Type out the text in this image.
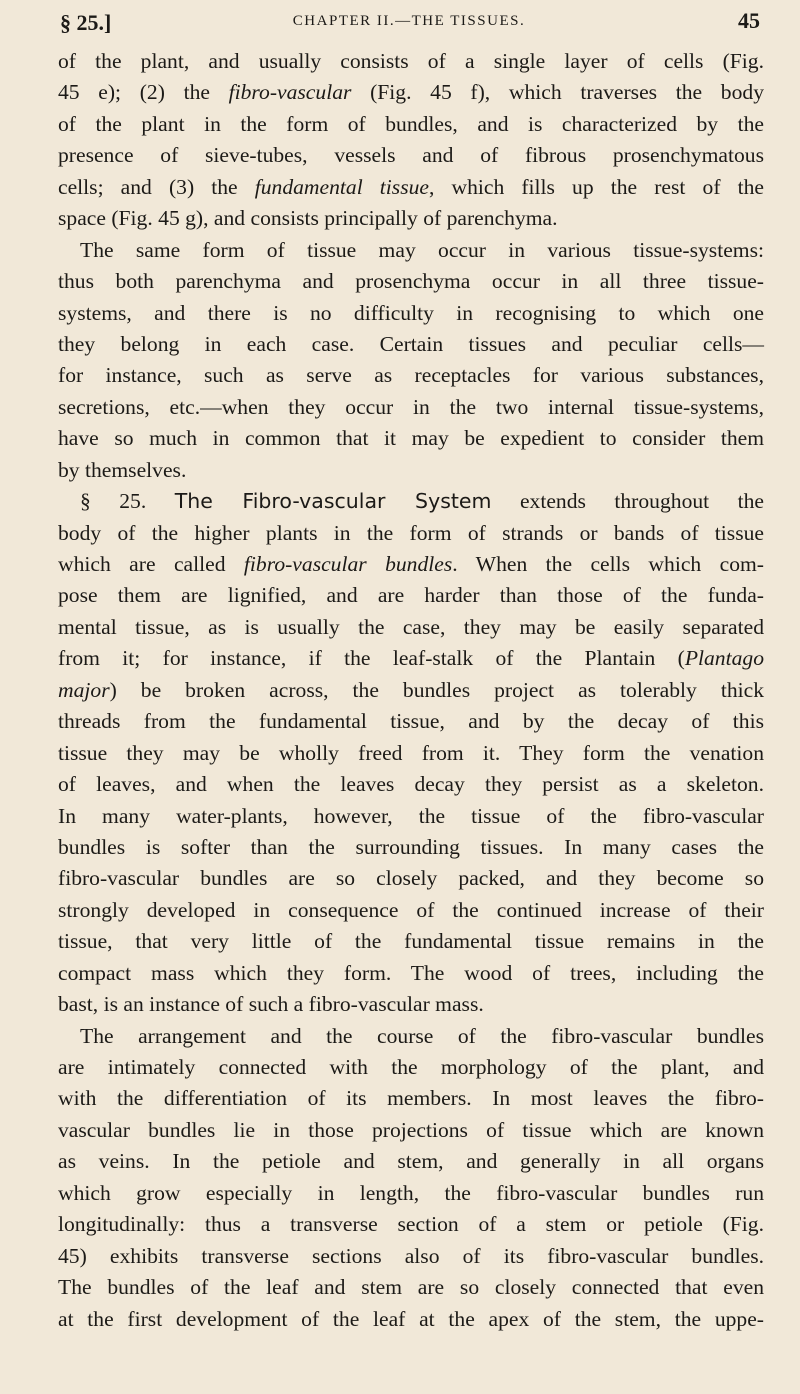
§ 25.]	CHAPTER II.—THE TISSUES.	45
of the plant, and usually consists of a single layer of cells (Fig.
45 e); (2) the fibro-vascular (Fig. 45 f), which traverses the body
of the plant in the form of bundles, and is characterized by the
presence of sieve-tubes, vessels and of fibrous prosenchymatous
cells; and (3) the fundamental tissue, which fills up the rest of the
space (Fig. 45 g), and consists principally of parenchyma.
The same form of tissue may occur in various tissue-systems:
thus both parenchyma and prosenchyma occur in all three tissue-
systems, and there is no difficulty in recognising to which one
they belong in each case. Certain tissues and peculiar cells—
for instance, such as serve as receptacles for various substances,
secretions, etc.—when they occur in the two internal tissue-systems,
have so much in common that it may be expedient to consider them
by themselves.
§ 25. The Fibro-vascular System extends throughout the
body of the higher plants in the form of strands or bands of tissue
which are called fibro-vascular bundles. When the cells which com-
pose them are lignified, and are harder than those of the funda-
mental tissue, as is usually the case, they may be easily separated
from it; for instance, if the leaf-stalk of the Plantain (Plantago
major) be broken across, the bundles project as tolerably thick
threads from the fundamental tissue, and by the decay of this
tissue they may be wholly freed from it. They form the venation
of leaves, and when the leaves decay they persist as a skeleton.
In many water-plants, however, the tissue of the fibro-vascular
bundles is softer than the surrounding tissues. In many cases the
fibro-vascular bundles are so closely packed, and they become so
strongly developed in consequence of the continued increase of their
tissue, that very little of the fundamental tissue remains in the
compact mass which they form. The wood of trees, including the
bast, is an instance of such a fibro-vascular mass.
The arrangement and the course of the fibro-vascular bundles
are intimately connected with the morphology of the plant, and
with the differentiation of its members. In most leaves the fibro-
vascular bundles lie in those projections of tissue which are known
as veins. In the petiole and stem, and generally in all organs
which grow especially in length, the fibro-vascular bundles run
longitudinally: thus a transverse section of a stem or petiole (Fig.
45) exhibits transverse sections also of its fibro-vascular bundles.
The bundles of the leaf and stem are so closely connected that even
at the first development of the leaf at the apex of the stem, the uppe-
